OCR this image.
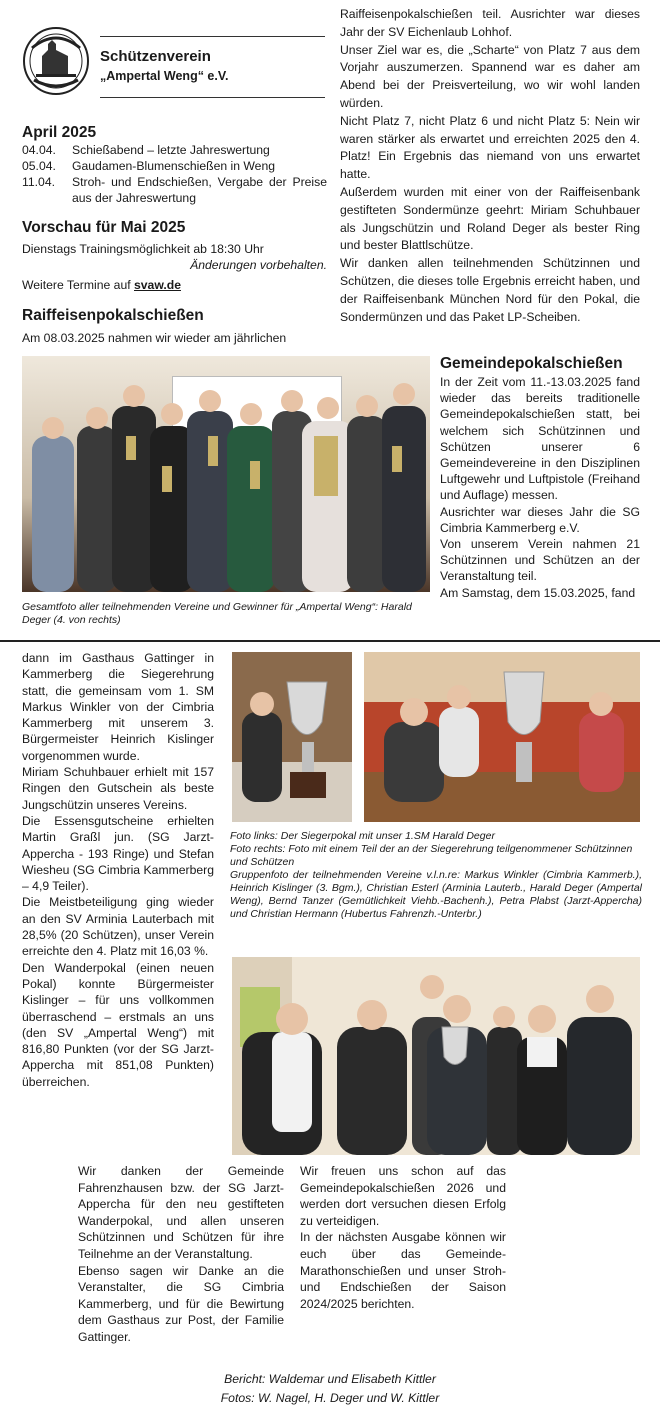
Schützenverein
„Ampertal Weng“ e.V.
April 2025
04.04.	Schießabend – letzte Jahreswertung
05.04.	Gaudamen-Blumenschießen in Weng
11.04.	Stroh- und Endschießen, Vergabe der Preise aus der Jahreswertung
Vorschau für Mai 2025
Dienstags Trainingsmöglichkeit ab 18:30 Uhr
Änderungen vorbehalten.
Weitere Termine auf svaw.de
Raiffeisenpokalschießen
Am 08.03.2025 nahmen wir wieder am jährlichen
Raiffeisenpokalschießen teil. Ausrichter war dieses Jahr der SV Eichenlaub Lohhof.
Unser Ziel war es, die „Scharte“ von Platz 7 aus dem Vorjahr auszumerzen. Spannend war es daher am Abend bei der Preisverteilung, wo wir wohl landen würden.
Nicht Platz 7, nicht Platz 6 und nicht Platz 5: Nein wir waren stärker als erwartet und erreichten 2025 den 4. Platz! Ein Ergebnis das niemand von uns erwartet hatte.
Außerdem wurden mit einer von der Raiffeisenbank gestifteten Sondermünze geehrt: Miriam Schuhbauer als Jungschützin und Roland Deger als bester Ring und bester Blattlschütze.
Wir danken allen teilnehmenden Schützinnen und Schützen, die dieses tolle Ergebnis erreicht haben, und der Raiffeisenbank München Nord für den Pokal, die Sondermünzen und das Paket LP-Scheiben.
Gesamtfoto aller teilnehmenden Vereine und Gewinner für „Ampertal Weng“: Harald Deger (4. von rechts)
Gemeindepokalschießen
In der Zeit vom 11.-13.03.2025 fand wieder das bereits traditionelle Gemeindepokalschießen statt, bei welchem sich Schützinnen und Schützen unserer 6 Gemeindevereine in den Disziplinen Luftgewehr und Luftpistole (Freihand und Auflage) messen.
Ausrichter war dieses Jahr die SG Cimbria Kammerberg e.V.
Von unserem Verein nahmen 21 Schützinnen und Schützen an der Veranstaltung teil.
Am Samstag, dem 15.03.2025, fand
dann im Gasthaus Gattinger in Kammerberg die Siegerehrung statt, die gemeinsam vom 1. SM Markus Winkler von der Cimbria Kammerberg mit unserem 3. Bürgermeister Heinrich Kislinger vorgenommen wurde.
Miriam Schuhbauer erhielt mit 157 Ringen den Gutschein als beste Jungschützin unseres Vereins.
Die Essensgutscheine erhielten Martin Graßl jun. (SG Jarzt-Appercha - 193 Ringe) und Stefan Wiesheu (SG Cimbria Kammerberg – 4,9 Teiler).
Die Meistbeteiligung ging wieder an den SV Arminia Lauterbach mit 28,5% (20 Schützen), unser Verein erreichte den 4. Platz mit 16,03 %.
Den Wanderpokal (einen neuen Pokal) konnte Bürgermeister Kislinger – für uns vollkommen überraschend – erstmals an uns (den SV „Ampertal Weng“) mit 816,80 Punkten (vor der SG Jarzt-Appercha mit 851,08 Punkten) überreichen.
Foto links: Der Siegerpokal mit unser 1.SM Harald Deger
Foto rechts: Foto mit einem Teil der an der Siegerehrung teilgenommener Schützinnen und Schützen
Gruppenfoto der teilnehmenden Vereine v.l.n.re: Markus Winkler (Cimbria Kammerb.), Heinrich Kislinger (3. Bgm.), Christian Esterl (Arminia Lauterb., Harald Deger (Ampertal Weng), Bernd Tanzer (Gemütlichkeit Viehb.-Bachenh.), Petra Plabst (Jarzt-Appercha) und Christian Hermann (Hubertus Fahrenzh.-Unterbr.)
Wir danken der Gemeinde Fahrenzhausen bzw. der SG Jarzt-Appercha für den neu gestifteten Wanderpokal, und allen unseren Schützinnen und Schützen für ihre Teilnehme an der Veranstaltung.
Ebenso sagen wir Danke an die Veranstalter, die SG Cimbria Kammerberg, und für die Bewirtung dem Gasthaus zur Post, der Familie Gattinger.
Wir freuen uns schon auf das Gemeindepokalschießen 2026 und werden dort versuchen diesen Erfolg zu verteidigen.
In der nächsten Ausgabe können wir euch über das Gemeinde-Marathonschießen und unser Stroh- und Endschießen der Saison 2024/2025 berichten.
Bericht: Waldemar und Elisabeth Kittler
Fotos: W. Nagel, H. Deger und W. Kittler
